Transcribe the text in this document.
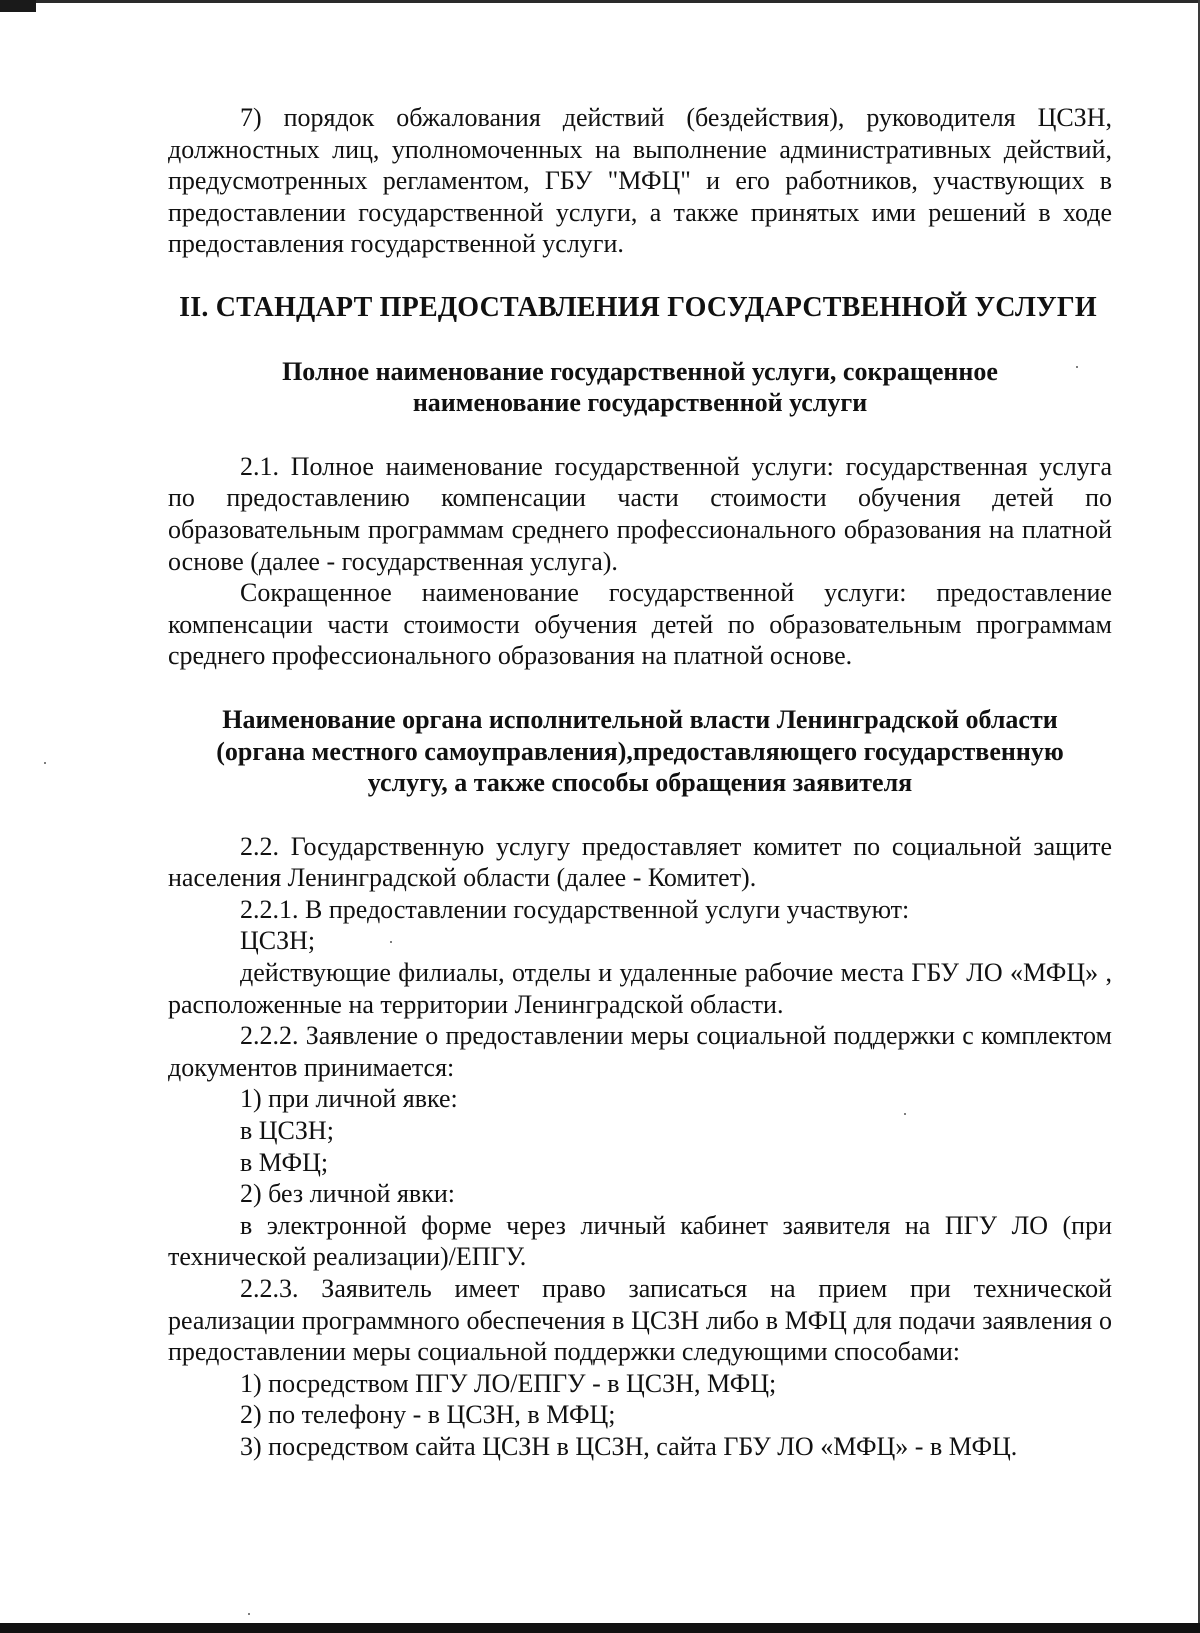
7) порядок обжалования действий (бездействия), руководителя ЦСЗН, должностных лиц, уполномоченных на выполнение административных действий, предусмотренных регламентом, ГБУ "МФЦ" и его работников, участвующих в предоставлении государственной услуги, а также принятых ими решений в ходе предоставления государственной услуги.

II. СТАНДАРТ ПРЕДОСТАВЛЕНИЯ ГОСУДАРСТВЕННОЙ УСЛУГИ

Полное наименование государственной услуги, сокращенное
наименование государственной услуги

2.1. Полное наименование государственной услуги: государственная услуга по предоставлению компенсации части стоимости обучения детей по образовательным программам среднего профессионального образования на платной основе (далее - государственная услуга).

Сокращенное наименование государственной услуги: предоставление компенсации части стоимости обучения детей по образовательным программам среднего профессионального образования на платной основе.

Наименование органа исполнительной власти Ленинградской области
(органа местного самоуправления),предоставляющего государственную
услугу, а также способы обращения заявителя

2.2. Государственную услугу предоставляет комитет по социальной защите населения Ленинградской области (далее - Комитет).

2.2.1. В предоставлении государственной услуги участвуют:

ЦСЗН;

действующие филиалы, отделы и удаленные рабочие места ГБУ ЛО «МФЦ» , расположенные на территории Ленинградской области.

2.2.2. Заявление о предоставлении меры социальной поддержки с комплектом документов принимается:

1) при личной явке:

в ЦСЗН;

в МФЦ;

2) без личной явки:

в электронной форме через личный кабинет заявителя на ПГУ ЛО (при технической реализации)/ЕПГУ.

2.2.3. Заявитель имеет право записаться на прием при технической реализации программного обеспечения в ЦСЗН либо в МФЦ для подачи заявления о предоставлении меры социальной поддержки следующими способами:

1) посредством ПГУ ЛО/ЕПГУ - в ЦСЗН, МФЦ;

2) по телефону - в ЦСЗН, в МФЦ;

3) посредством сайта ЦСЗН в ЦСЗН, сайта ГБУ ЛО «МФЦ» - в МФЦ.
